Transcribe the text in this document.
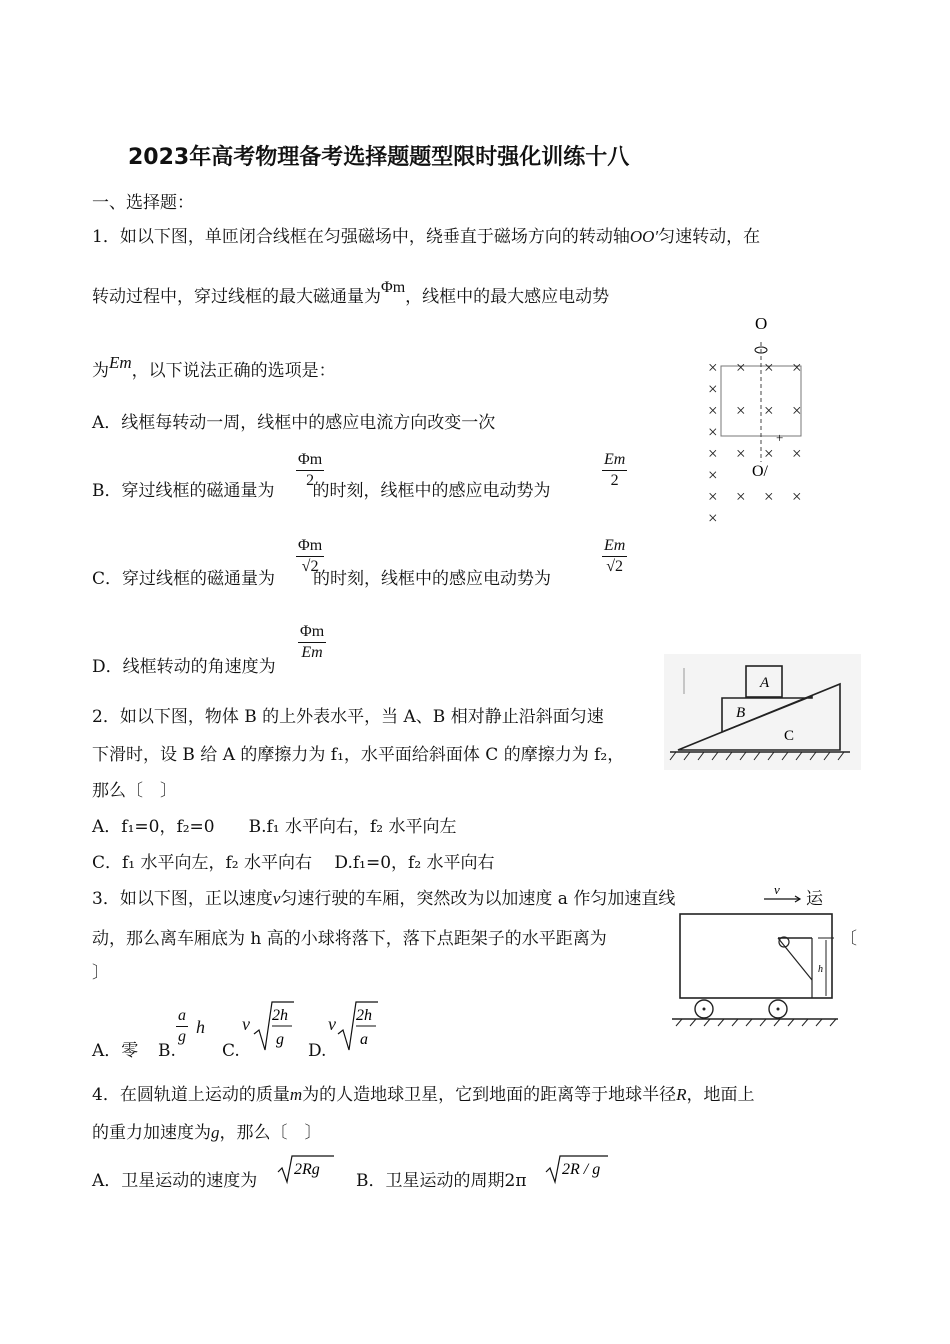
2023年高考物理备考选择题题型限时强化训练十八
一、选择题：
1．如以下图，单匝闭合线框在匀强磁场中，绕垂直于磁场方向的转动轴OO′匀速转动，在
转动过程中，穿过线框的最大磁通量为Φm，线框中的最大感应电动势
为Em，以下说法正确的选项是：
A．线框每转动一周，线框中的感应电流方向改变一次
B．穿过线框的磁通量为 的时刻，线框中的感应电动势为
$\frac{\Phi m}{2}$	$\frac{Em}{2}$
C．穿过线框的磁通量为 的时刻，线框中的感应电动势为
$\frac{\Phi m}{√2}$	$\frac{Em}{√2}$
D．线框转动的角速度为
$\frac{\Phi m}{Em}$
O
+
O/
× × × ×
×
× × × ×
×
× × × ×
×
× × × ×
×
2．如以下图，物体 B 的上外表水平，当 A、B 相对静止沿斜面匀速
下滑时，设 B 给 A 的摩擦力为 f₁，水平面给斜面体 C 的摩擦力为 f₂，
那么〔　〕
A．f₁=0，f₂=0　　B.f₁ 水平向右，f₂ 水平向左
C．f₁ 水平向左，f₂ 水平向右　 D.f₁=0，f₂ 水平向右
A
B
C
3．如以下图，正以速度v匀速行驶的车厢，突然改为以加速度 a 作匀加速直线	运
动，那么离车厢底为 h 高的小球将落下，落下点距架子的水平距离为	〔
〕
A．零 B.
$\frac{a}{g}$ h
C.
v 2h
g
D.
v 2h
a
v
h
4．在圆轨道上运动的质量m为的人造地球卫星，它到地面的距离等于地球半径R，地面上
的重力加速度为g，那么〔　〕
A．卫星运动的速度为
2Rg
B．卫星运动的周期2π
2R / g
